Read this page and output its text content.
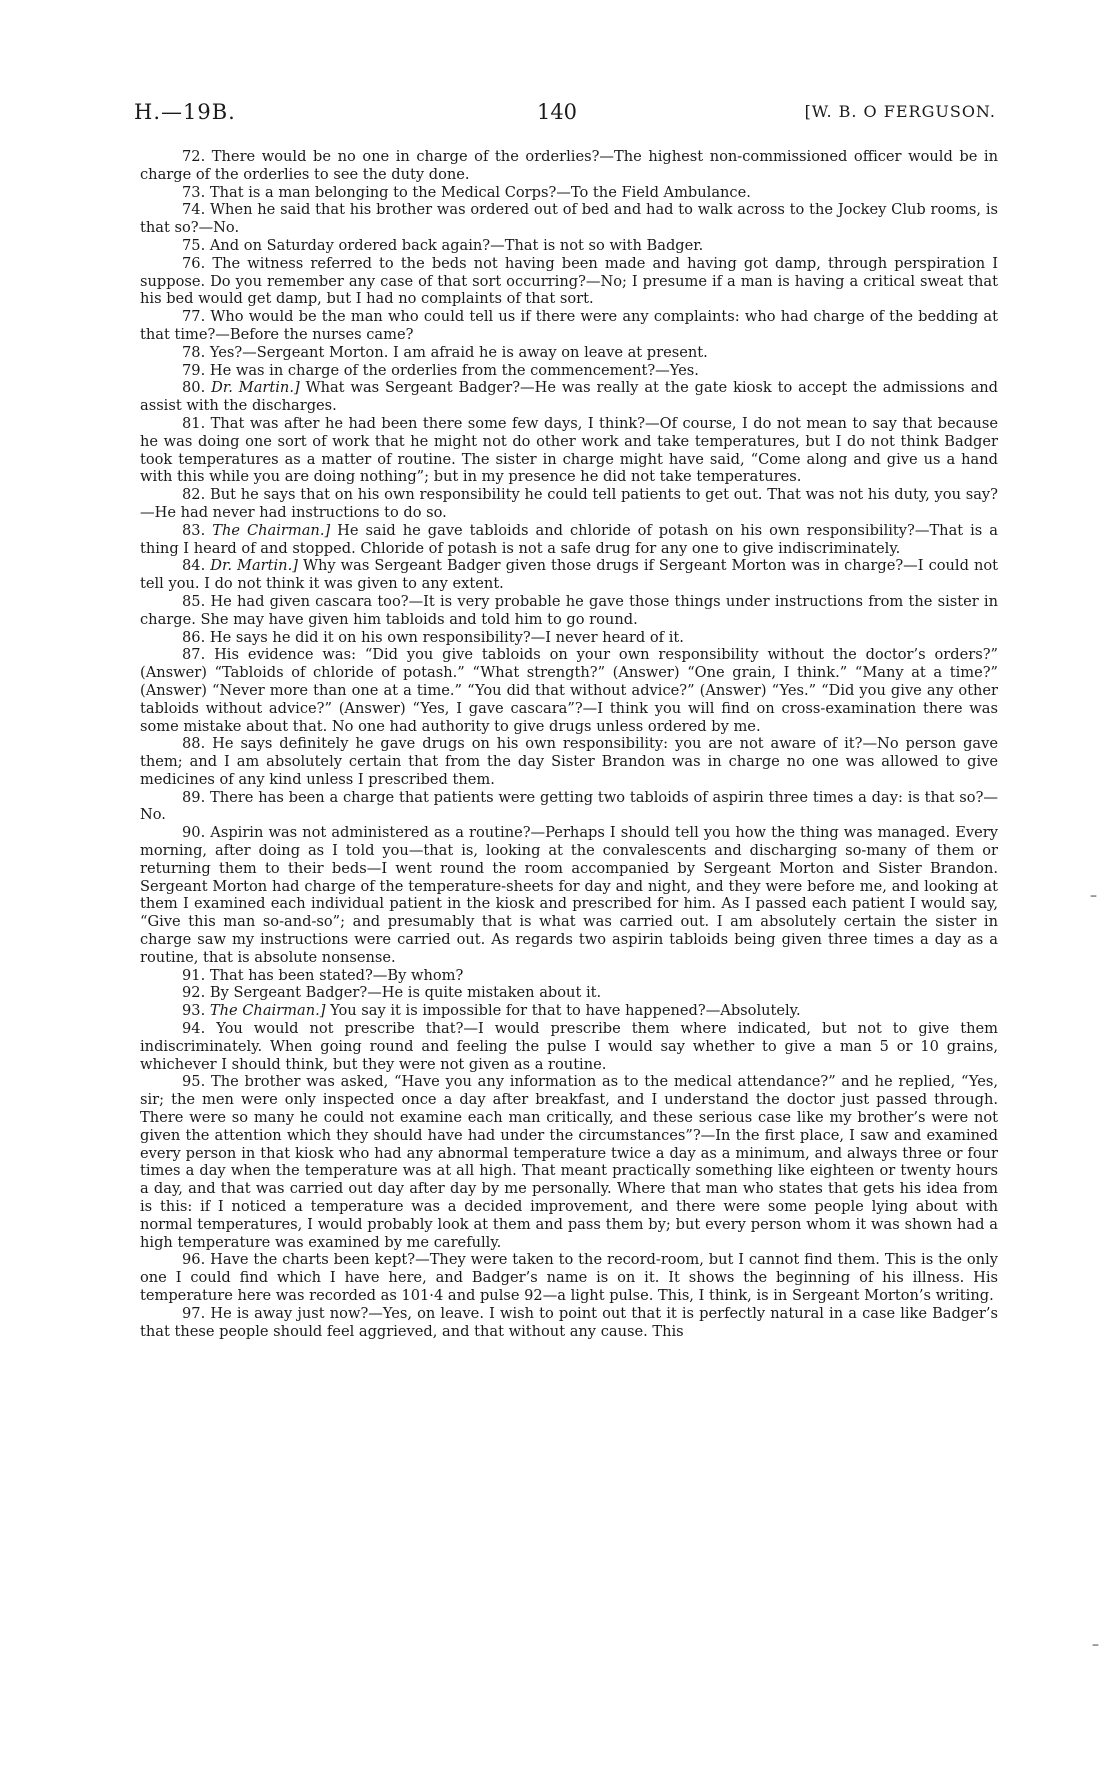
H.—19B.	140	[W. B. O FERGUSON.

72. There would be no one in charge of the orderlies?—The highest non-commissioned officer would be in charge of the orderlies to see the duty done.

73. That is a man belonging to the Medical Corps?—To the Field Ambulance.

74. When he said that his brother was ordered out of bed and had to walk across to the Jockey Club rooms, is that so?—No.

75. And on Saturday ordered back again?—That is not so with Badger.

76. The witness referred to the beds not having been made and having got damp, through perspiration I suppose. Do you remember any case of that sort occurring?—No; I presume if a man is having a critical sweat that his bed would get damp, but I had no complaints of that sort.

77. Who would be the man who could tell us if there were any complaints: who had charge of the bedding at that time?—Before the nurses came?

78. Yes?—Sergeant Morton. I am afraid he is away on leave at present.

79. He was in charge of the orderlies from the commencement?—Yes.

80. Dr. Martin.] What was Sergeant Badger?—He was really at the gate kiosk to accept the admissions and assist with the discharges.

81. That was after he had been there some few days, I think?—Of course, I do not mean to say that because he was doing one sort of work that he might not do other work and take temperatures, but I do not think Badger took temperatures as a matter of routine. The sister in charge might have said, “Come along and give us a hand with this while you are doing nothing”; but in my presence he did not take temperatures.

82. But he says that on his own responsibility he could tell patients to get out. That was not his duty, you say?—He had never had instructions to do so.

83. The Chairman.] He said he gave tabloids and chloride of potash on his own responsibility?—That is a thing I heard of and stopped. Chloride of potash is not a safe drug for any one to give indiscriminately.

84. Dr. Martin.] Why was Sergeant Badger given those drugs if Sergeant Morton was in charge?—I could not tell you. I do not think it was given to any extent.

85. He had given cascara too?—It is very probable he gave those things under instructions from the sister in charge. She may have given him tabloids and told him to go round.

86. He says he did it on his own responsibility?—I never heard of it.

87. His evidence was: “Did you give tabloids on your own responsibility without the doctor’s orders?” (Answer) “Tabloids of chloride of potash.” “What strength?” (Answer) “One grain, I think.” “Many at a time?” (Answer) “Never more than one at a time.” “You did that without advice?” (Answer) “Yes.” “Did you give any other tabloids without advice?” (Answer) “Yes, I gave cascara”?—I think you will find on cross-examination there was some mistake about that. No one had authority to give drugs unless ordered by me.

88. He says definitely he gave drugs on his own responsibility: you are not aware of it?—No person gave them; and I am absolutely certain that from the day Sister Brandon was in charge no one was allowed to give medicines of any kind unless I prescribed them.

89. There has been a charge that patients were getting two tabloids of aspirin three times a day: is that so?—No.

90. Aspirin was not administered as a routine?—Perhaps I should tell you how the thing was managed. Every morning, after doing as I told you—that is, looking at the convalescents and discharging so-many of them or returning them to their beds—I went round the room accompanied by Sergeant Morton and Sister Brandon. Sergeant Morton had charge of the temperature-sheets for day and night, and they were before me, and looking at them I examined each individual patient in the kiosk and prescribed for him. As I passed each patient I would say, “Give this man so-and-so”; and presumably that is what was carried out. I am absolutely certain the sister in charge saw my instructions were carried out. As regards two aspirin tabloids being given three times a day as a routine, that is absolute nonsense.

91. That has been stated?—By whom?

92. By Sergeant Badger?—He is quite mistaken about it.

93. The Chairman.] You say it is impossible for that to have happened?—Absolutely.

94. You would not prescribe that?—I would prescribe them where indicated, but not to give them indiscriminately. When going round and feeling the pulse I would say whether to give a man 5 or 10 grains, whichever I should think, but they were not given as a routine.

95. The brother was asked, “Have you any information as to the medical attendance?” and he replied, “Yes, sir; the men were only inspected once a day after breakfast, and I understand the doctor just passed through. There were so many he could not examine each man critically, and these serious case like my brother’s were not given the attention which they should have had under the circumstances”?—In the first place, I saw and examined every person in that kiosk who had any abnormal temperature twice a day as a minimum, and always three or four times a day when the temperature was at all high. That meant practically something like eighteen or twenty hours a day, and that was carried out day after day by me personally. Where that man who states that gets his idea from is this: if I noticed a temperature was a decided improvement, and there were some people lying about with normal temperatures, I would probably look at them and pass them by; but every person whom it was shown had a high temperature was examined by me carefully.

96. Have the charts been kept?—They were taken to the record-room, but I cannot find them. This is the only one I could find which I have here, and Badger’s name is on it. It shows the beginning of his illness. His temperature here was recorded as 101·4 and pulse 92—a light pulse. This, I think, is in Sergeant Morton’s writing.

97. He is away just now?—Yes, on leave. I wish to point out that it is perfectly natural in a case like Badger’s that these people should feel aggrieved, and that without any cause. This

–
–
